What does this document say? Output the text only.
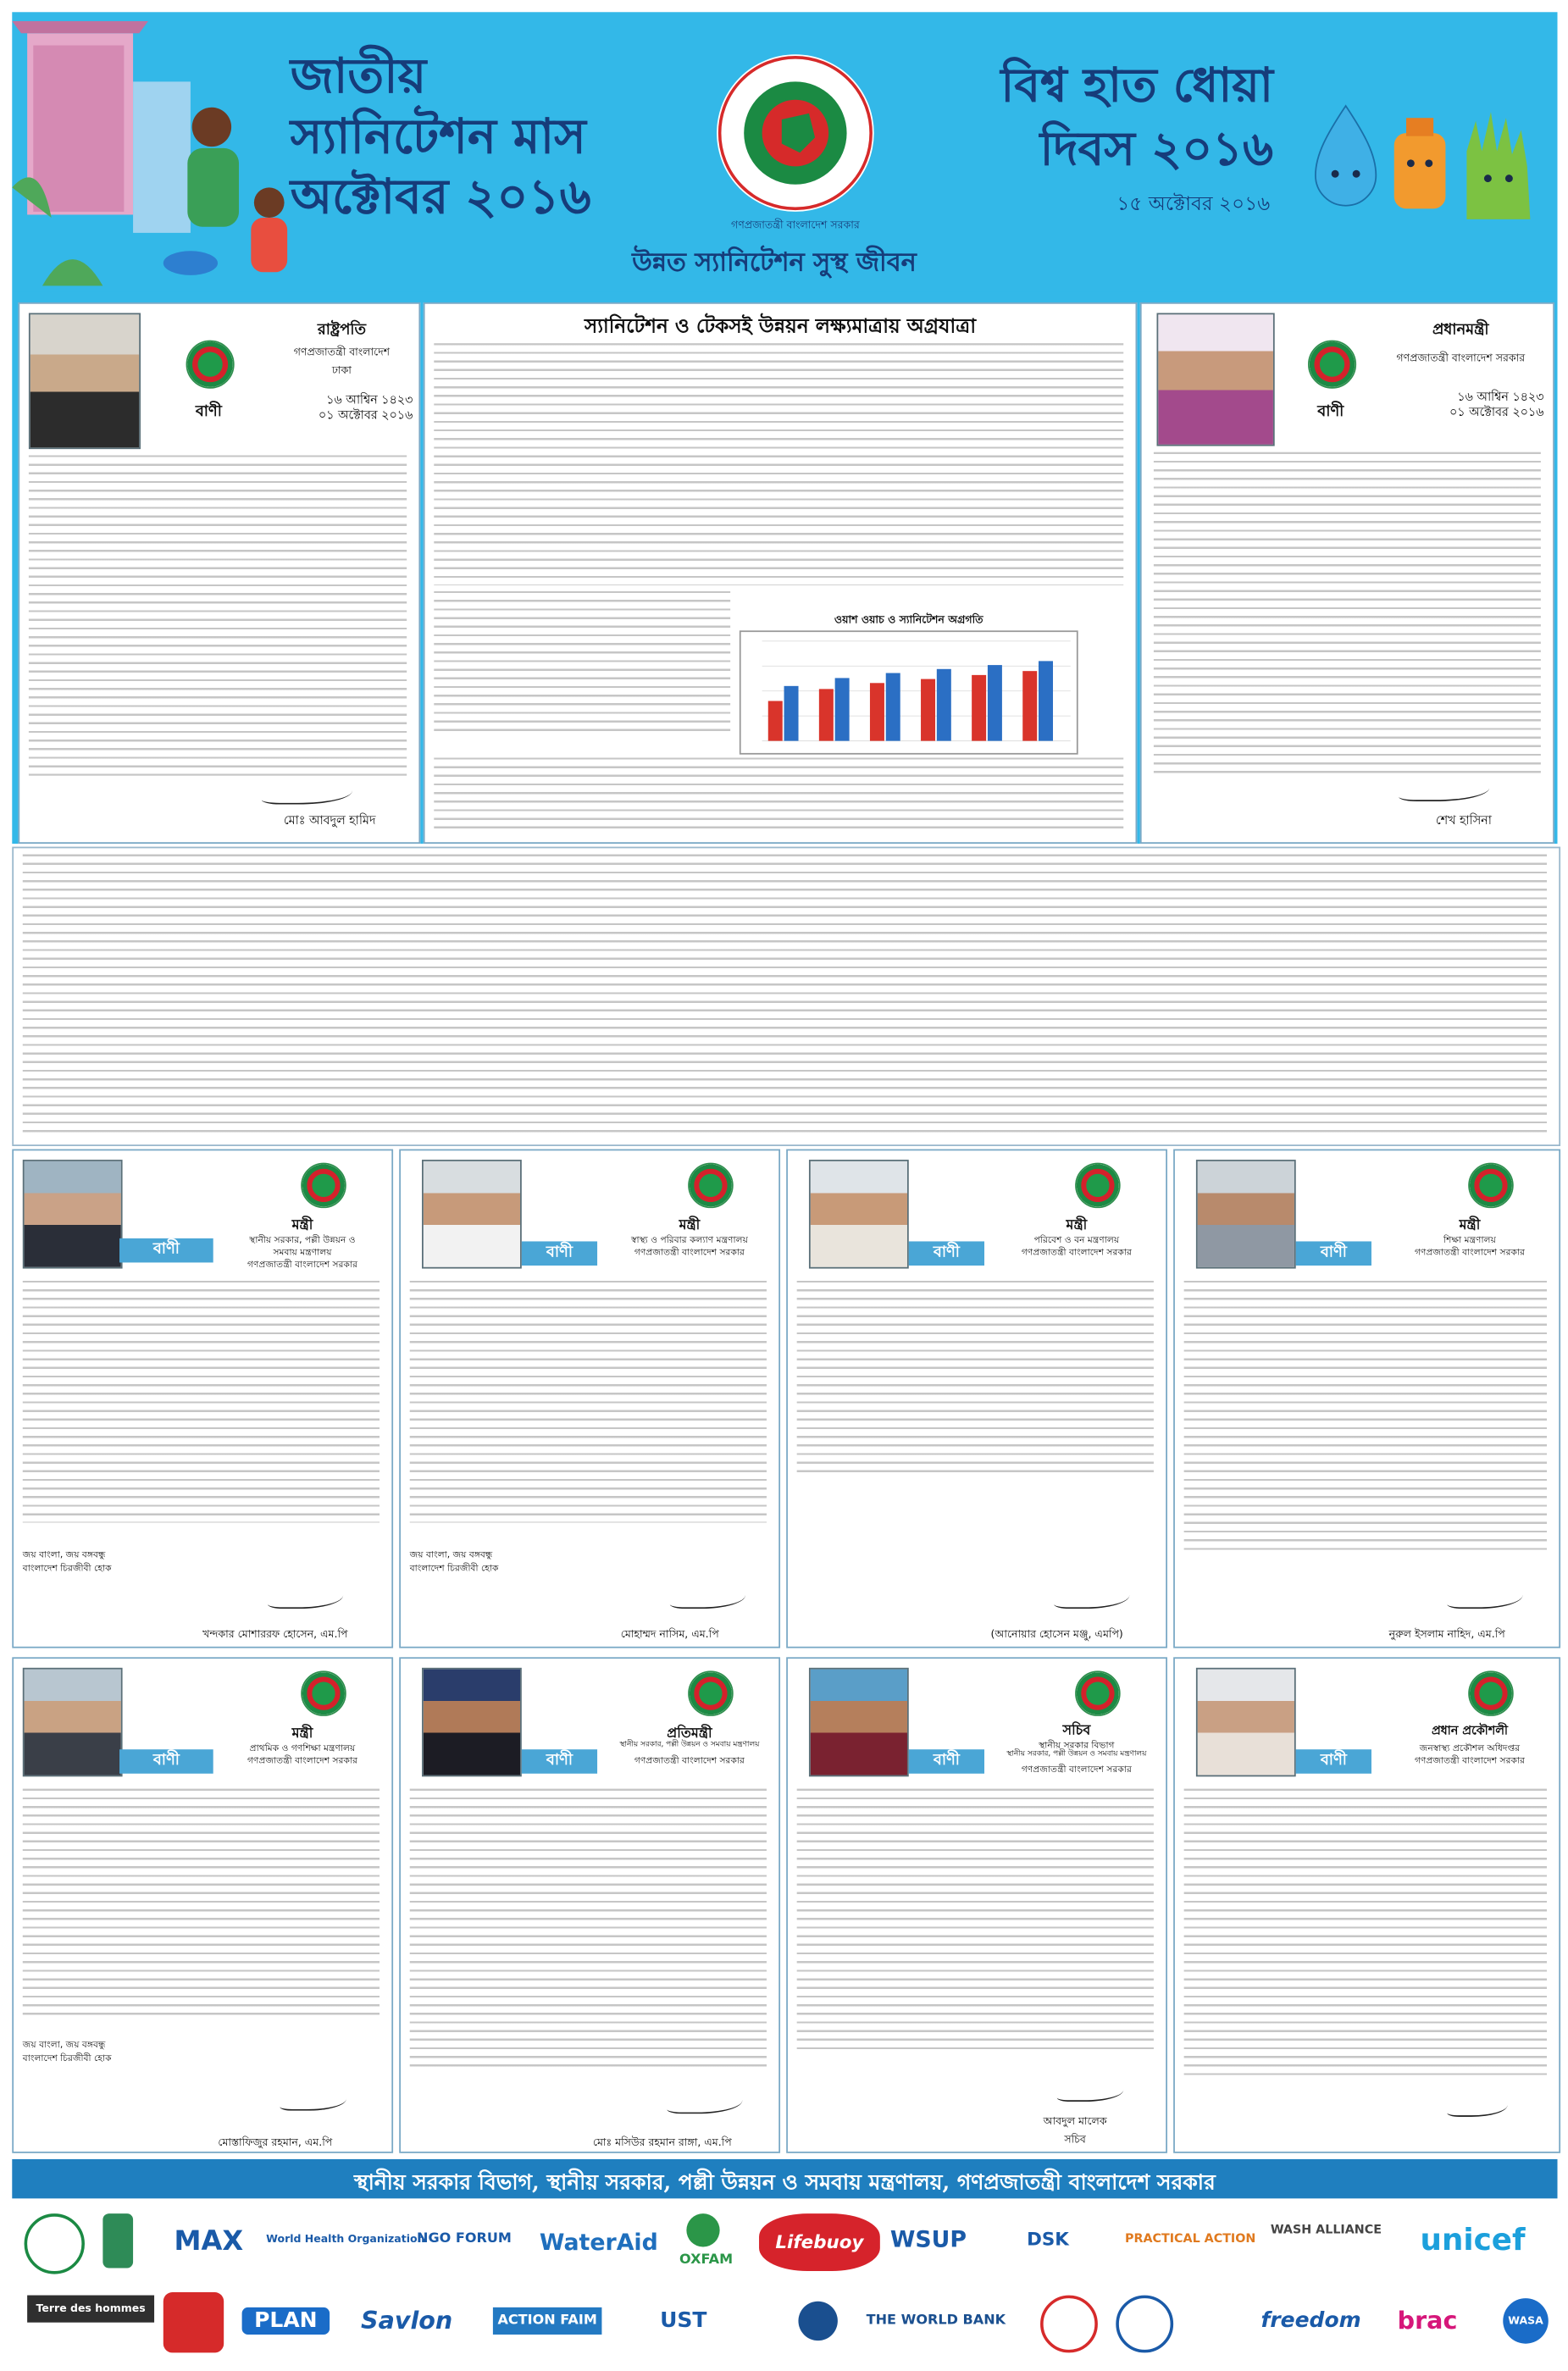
জাতীয়
স্যানিটেশন মাস
অক্টোবর ২০১৬	গণপ্রজাতন্ত্রী বাংলাদেশ সরকার
বিশ্ব হাত ধোয়া
দিবস ২০১৬
১৫ অক্টোবর ২০১৬
উন্নত স্যানিটেশন সুস্থ জীবন
রাষ্ট্রপতি
গণপ্রজাতন্ত্রী বাংলাদেশ
ঢাকা
বাণী
১৬ আশ্বিন ১৪২৩
০১ অক্টোবর ২০১৬
মোঃ আবদুল হামিদ
স্যানিটেশন ও টেকসই উন্নয়ন লক্ষ্যমাত্রায় অগ্রযাত্রা
ওয়াশ ওয়াচ ও স্যানিটেশন অগ্রগতি
প্রধানমন্ত্রী
গণপ্রজাতন্ত্রী বাংলাদেশ সরকার
বাণী
১৬ আশ্বিন ১৪২৩
০১ অক্টোবর ২০১৬
শেখ হাসিনা
বাণী
মন্ত্রী
স্থানীয় সরকার, পল্লী উন্নয়ন ও
সমবায় মন্ত্রণালয়
গণপ্রজাতন্ত্রী বাংলাদেশ সরকার
জয় বাংলা, জয় বঙ্গবন্ধু
বাংলাদেশ চিরজীবী হোক
খন্দকার মোশাররফ হোসেন, এম.পি
মন্ত্রী
স্বাস্থ্য ও পরিবার কল্যাণ মন্ত্রণালয়
গণপ্রজাতন্ত্রী বাংলাদেশ সরকার
বাণী
জয় বাংলা, জয় বঙ্গবন্ধু
বাংলাদেশ চিরজীবী হোক
মোহাম্মদ নাসিম, এম.পি
বাণী
মন্ত্রী
পরিবেশ ও বন মন্ত্রণালয়
গণপ্রজাতন্ত্রী বাংলাদেশ সরকার
(আনোয়ার হোসেন মঞ্জু, এমপি)
বাণী
মন্ত্রী
শিক্ষা মন্ত্রণালয়
গণপ্রজাতন্ত্রী বাংলাদেশ সরকার
নুরুল ইসলাম নাহিদ, এম.পি
বাণী
মন্ত্রী
প্রাথমিক ও গণশিক্ষা মন্ত্রণালয়
গণপ্রজাতন্ত্রী বাংলাদেশ সরকার
জয় বাংলা, জয় বঙ্গবন্ধু
বাংলাদেশ চিরজীবী হোক
মোস্তাফিজুর রহমান, এম.পি
প্রতিমন্ত্রী
স্থানীয় সরকার, পল্লী উন্নয়ন ও সমবায় মন্ত্রণালয়
গণপ্রজাতন্ত্রী বাংলাদেশ সরকার
বাণী
মোঃ মসিউর রহমান রাঙ্গা, এম.পি
বাণী
সচিব
স্থানীয় সরকার বিভাগ
স্থানীয় সরকার, পল্লী উন্নয়ন ও সমবায় মন্ত্রণালয়
গণপ্রজাতন্ত্রী বাংলাদেশ সরকার
আবদুল মালেক
সচিব
বাণী
প্রধান প্রকৌশলী
জনস্বাস্থ্য প্রকৌশল অধিদপ্তর
গণপ্রজাতন্ত্রী বাংলাদেশ সরকার
স্থানীয় সরকার বিভাগ, স্থানীয় সরকার, পল্লী উন্নয়ন ও সমবায় মন্ত্রণালয়, গণপ্রজাতন্ত্রী বাংলাদেশ সরকার
MAX	World Health Organization
NGO FORUM	WaterAid
OXFAM
Lifebuoy	WSUP	DSK	PRACTICAL ACTION
WASH ALLIANCE	unicef
Terre des hommes	PLAN	Savlon	ACTION FAIM	UST	THE WORLD BANK	freedom	brac	WASA
